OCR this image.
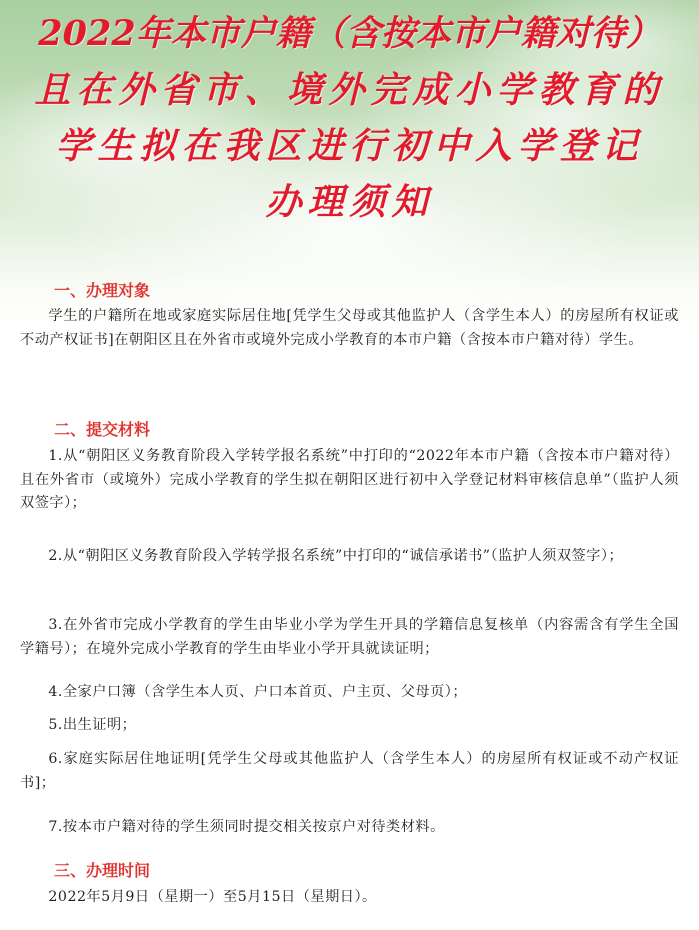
2022年本市户籍（含按本市户籍对待）
且在外省市、境外完成小学教育的
学生拟在我区进行初中入学登记
办理须知
一、办理对象
学生的户籍所在地或家庭实际居住地[凭学生父母或其他监护人（含学生本人）的房屋所有权证或不动产权证书]在朝阳区且在外省市或境外完成小学教育的本市户籍（含按本市户籍对待）学生。
二、提交材料
1.从“朝阳区义务教育阶段入学转学报名系统”中打印的“2022年本市户籍（含按本市户籍对待）且在外省市（或境外）完成小学教育的学生拟在朝阳区进行初中入学登记材料审核信息单”（监护人须双签字）；
2.从“朝阳区义务教育阶段入学转学报名系统”中打印的“诚信承诺书”（监护人须双签字）；
3.在外省市完成小学教育的学生由毕业小学为学生开具的学籍信息复核单（内容需含有学生全国学籍号）；在境外完成小学教育的学生由毕业小学开具就读证明；
4.全家户口簿（含学生本人页、户口本首页、户主页、父母页）；
5.出生证明；
6.家庭实际居住地证明[凭学生父母或其他监护人（含学生本人）的房屋所有权证或不动产权证书]；
7.按本市户籍对待的学生须同时提交相关按京户对待类材料。
三、办理时间
2022年5月9日（星期一）至5月15日（星期日）。
